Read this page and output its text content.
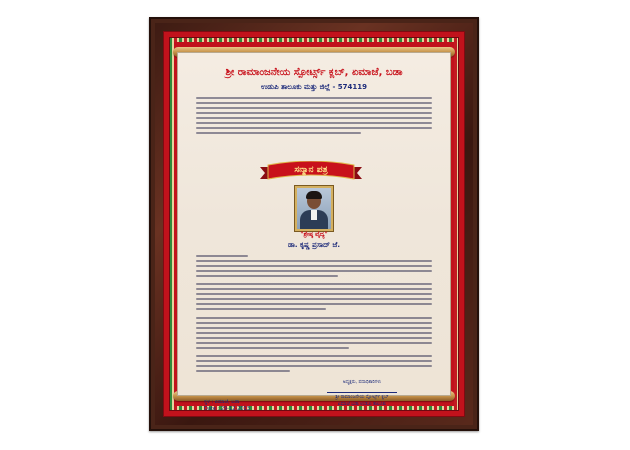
ಶ್ರೀ ರಾಮಾಂಜನೇಯ ಸ್ಪೋರ್ಟ್ಸ್ ಕ್ಲಬ್, ಏಮಾಜೆ, ಬಡಾ
ಉಡುಪಿ ತಾಲೂಕು ಮತ್ತು ಜಿಲ್ಲೆ - 574119
ಸನ್ಮಾನ ಪತ್ರ
"ಶ್ರೇಷ್ಠ ವೈದ್ಯ"
ಡಾ. ಕೃಷ್ಣ ಪ್ರಸಾದ್ ಜೆ.
ಸ್ಥಳ : ಏಮಾಜೆ, ಬಡಾ
Date : 29-12-2013
ಅಧ್ಯಕ್ಷರು, ಪದಾಧಿಕಾರಿಗಳು
ಶ್ರೀ ರಾಮಾಂಜನೇಯ ಸ್ಪೋರ್ಟ್ಸ್ ಕ್ಲಬ್
ಏಮಾಜೆ ಬಡಾ ಉಡುಪಿ ತಾಲೂಕು
